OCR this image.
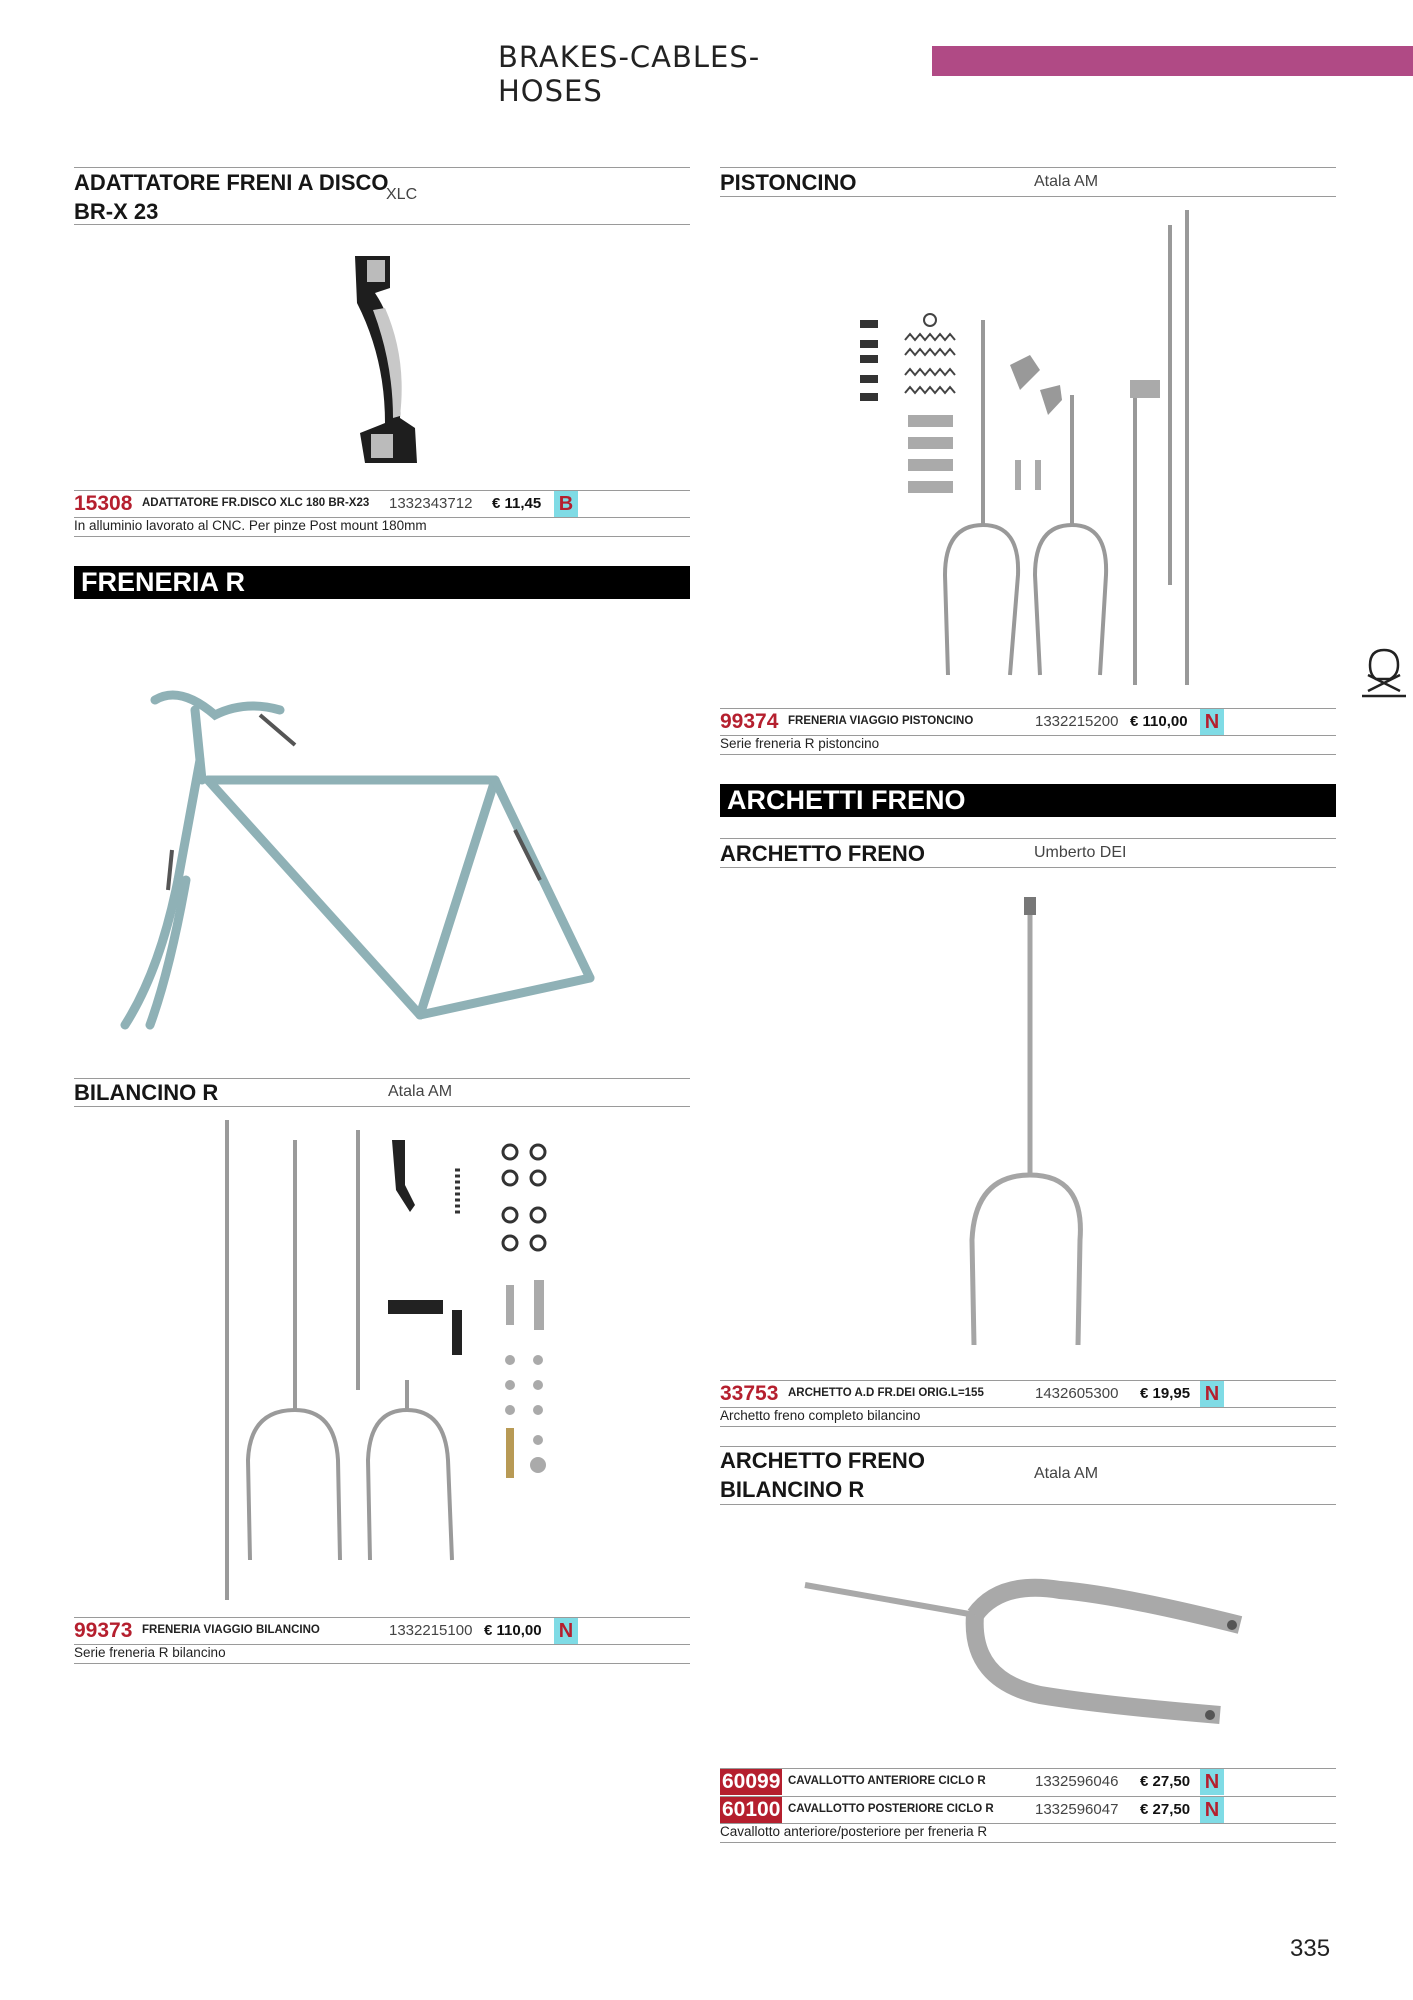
BRAKES-CABLES-HOSES
ADATTATORE FRENI A DISCO
BR-X 23
XLC
15308 ADATTATORE FR.DISCO XLC 180 BR-X23 1332343712 € 11,45 B
In alluminio lavorato al CNC. Per pinze Post mount 180mm
FRENERIA R
BILANCINO R	Atala AM
99373 FRENERIA VIAGGIO BILANCINO	1332215100 € 110,00 N
Serie freneria R bilancino
PISTONCINO	Atala AM
99374 FRENERIA VIAGGIO PISTONCINO	1332215200 € 110,00 N
Serie freneria R pistoncino
ARCHETTI FRENO
ARCHETTO FRENO	Umberto DEI
33753 ARCHETTO A.D FR.DEI ORIG.L=155	1432605300 € 19,95 N
Archetto freno completo bilancino
ARCHETTO FRENO
BILANCINO R
Atala AM
60099 CAVALLOTTO ANTERIORE CICLO R	1332596046 € 27,50 N
60100 CAVALLOTTO POSTERIORE CICLO R	1332596047 € 27,50 N
Cavallotto anteriore/posteriore per freneria R
335
